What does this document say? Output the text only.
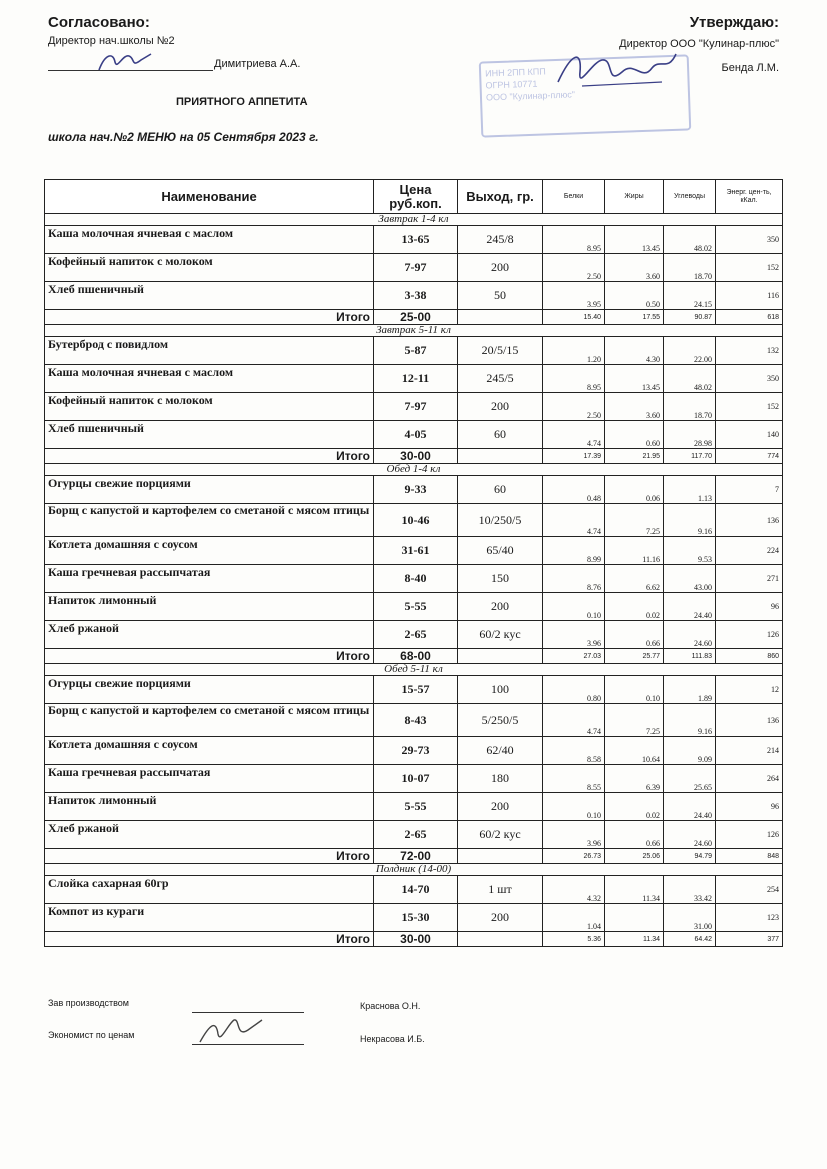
Согласовано:
Директор нач.школы №2
Димитриева А.А.
Утверждаю:
Директор ООО "Кулинар-плюс"
Бенда Л.М.
ИНН 2ПП КПП
ОГРН 10771
ООО "Кулинар-плюс"
ПРИЯТНОГО АППЕТИТА
школа нач.№2 МЕНЮ на 05 Сентября 2023 г.
Наименование	Цена руб.коп.	Выход, гр.	Белки	Жиры	Углеводы	Энерг. цен-ть, кКал.
Завтрак 1-4 кл						
Каша молочная ячневая с маслом	13-65	245/8	8.95	13.45	48.02	350
Кофейный напиток с молоком	7-97	200	2.50	3.60	18.70	152
Хлеб пшеничный	3-38	50	3.95	0.50	24.15	116
Итого	25-00		15.40	17.55	90.87	618
Завтрак 5-11 кл						
Бутерброд с повидлом	5-87	20/5/15	1.20	4.30	22.00	132
Каша молочная ячневая с маслом	12-11	245/5	8.95	13.45	48.02	350
Кофейный напиток с молоком	7-97	200	2.50	3.60	18.70	152
Хлеб пшеничный	4-05	60	4.74	0.60	28.98	140
Итого	30-00		17.39	21.95	117.70	774
Обед 1-4 кл						
Огурцы свежие порциями	9-33	60	0.48	0.06	1.13	7
Борщ с капустой и картофелем со сметаной с мясом птицы	10-46	10/250/5	4.74	7.25	9.16	136
Котлета домашняя с соусом	31-61	65/40	8.99	11.16	9.53	224
Каша гречневая рассыпчатая	8-40	150	8.76	6.62	43.00	271
Напиток лимонный	5-55	200	0.10	0.02	24.40	96
Хлеб ржаной	2-65	60/2 кус	3.96	0.66	24.60	126
Итого	68-00		27.03	25.77	111.83	860
Обед 5-11 кл						
Огурцы свежие порциями	15-57	100	0.80	0.10	1.89	12
Борщ с капустой и картофелем со сметаной с мясом птицы	8-43	5/250/5	4.74	7.25	9.16	136
Котлета домашняя с соусом	29-73	62/40	8.58	10.64	9.09	214
Каша гречневая рассыпчатая	10-07	180	8.55	6.39	25.65	264
Напиток лимонный	5-55	200	0.10	0.02	24.40	96
Хлеб ржаной	2-65	60/2 кус	3.96	0.66	24.60	126
Итого	72-00		26.73	25.06	94.79	848
Полдник (14-00)						
Слойка сахарная 60гр	14-70	1 шт	4.32	11.34	33.42	254
Компот из кураги	15-30	200	1.04		31.00	123
Итого	30-00		5.36	11.34	64.42	377
Зав производством	Краснова О.Н.
Экономист по ценам	Некрасова И.Б.
